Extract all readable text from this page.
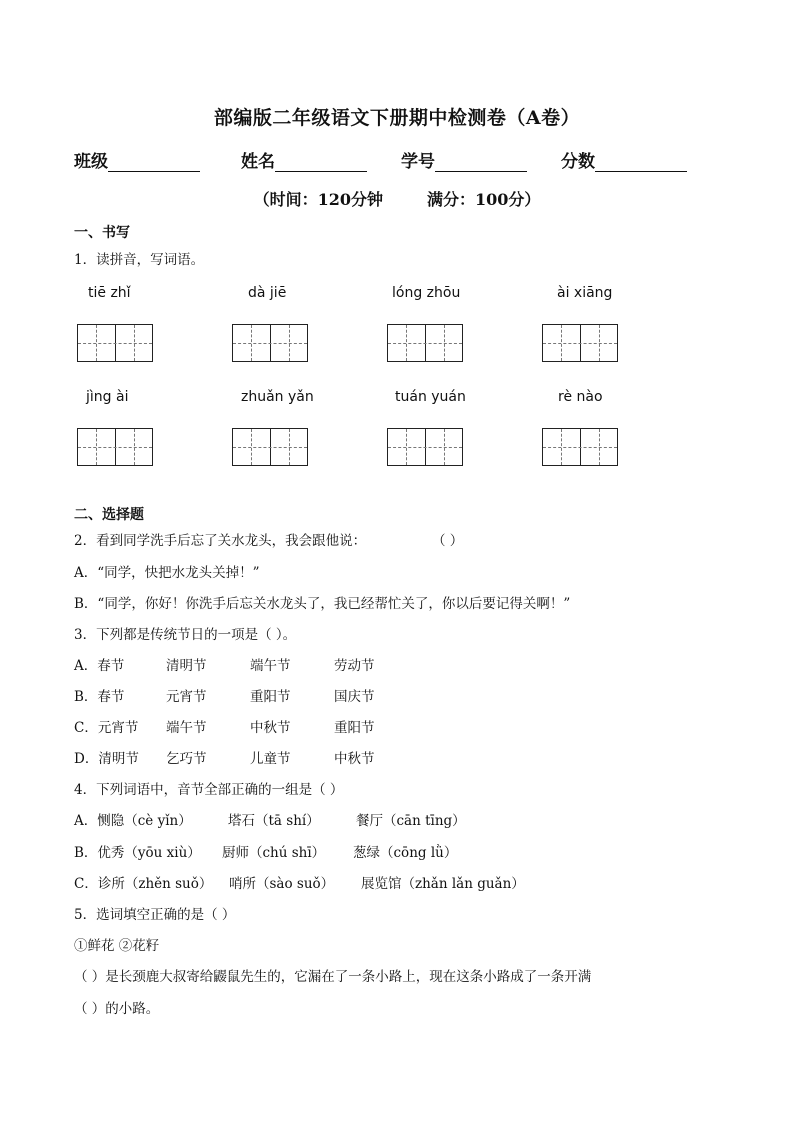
部编版二年级语文下册期中检测卷（A卷）
班级	姓名	学号	分数
（时间：120分钟	满分：100分）
一、书写
1．读拼音，写词语。
tiē zhǐ	dà jiē	lóng zhōu	ài xiāng
jìng ài	zhuǎn yǎn	tuán yuán	rè nào
二、选择题
2．看到同学洗手后忘了关水龙头，我会跟他说：	（ ）
A．“同学，快把水龙头关掉！”
B．“同学，你好！你洗手后忘关水龙头了，我已经帮忙关了，你以后要记得关啊！”
3．下列都是传统节日的一项是（ ）。
A．春节	清明节	端午节	劳动节
B．春节	元宵节	重阳节	国庆节
C．元宵节 端午节	中秋节	重阳节
D．清明节 乞巧节	儿童节	中秋节
4．下列词语中，音节全部正确的一组是（ ）
A．恻隐（cè yǐn）	塔石（tā shí）	餐厅（cān tīng）
B．优秀（yōu xiù） 厨师（chú shī） 葱绿（cōng lǜ）
C．诊所（zhěn suǒ） 哨所（sào suǒ） 展览馆（zhǎn lǎn guǎn）
5．选词填空正确的是（ ）
①鲜花 ②花籽
（ ）是长颈鹿大叔寄给鼹鼠先生的，它漏在了一条小路上，现在这条小路成了一条开满
（ ）的小路。
